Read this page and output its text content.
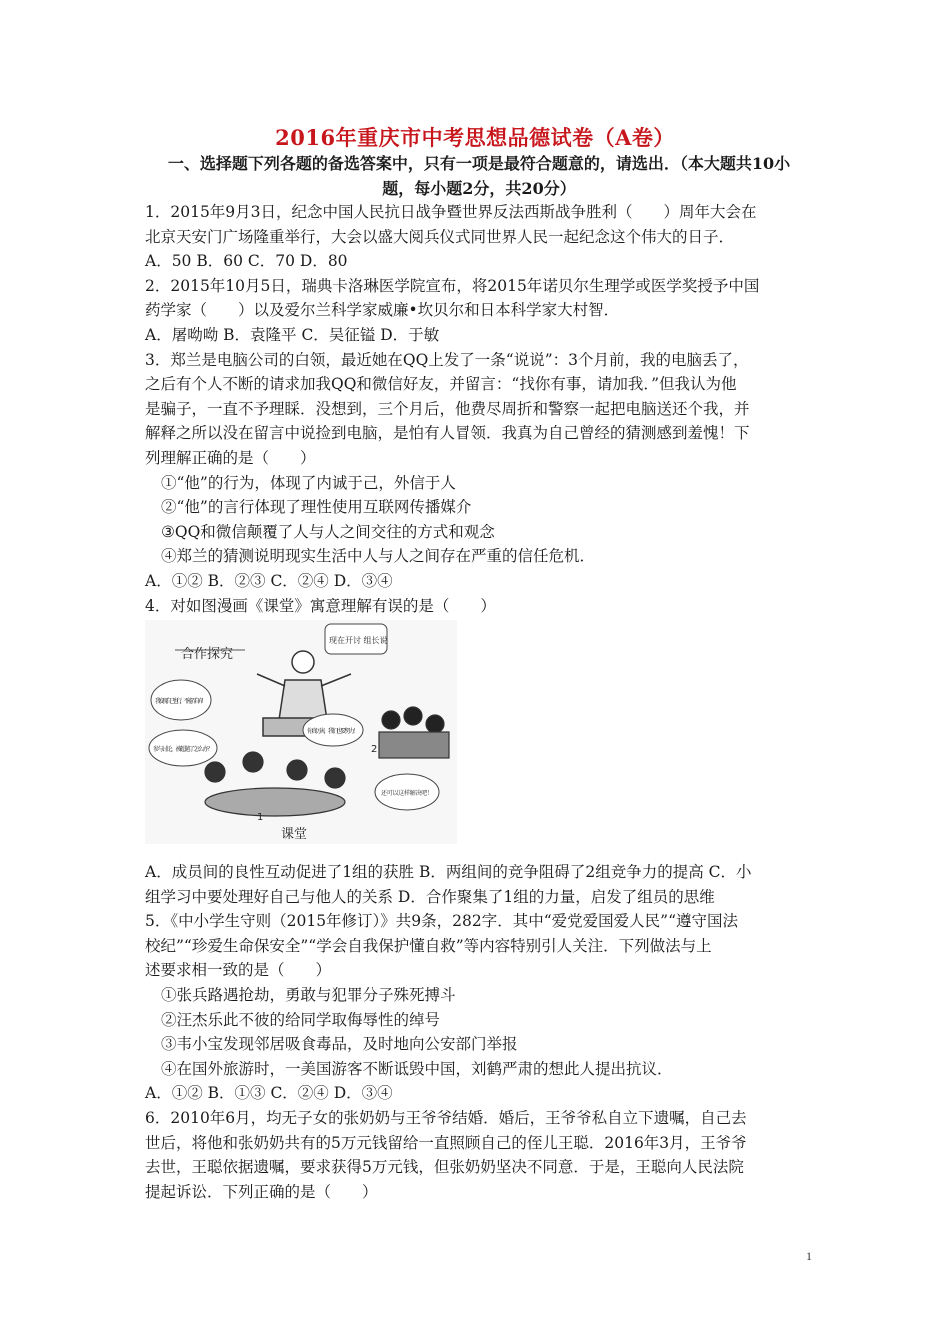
2016年重庆市中考思想品德试卷（A卷）
一、选择题下列各题的备选答案中，只有一项是最符合题意的，请选出．（本大题共10小
题，每小题2分，共20分）
1．2015年9月3日，纪念中国人民抗日战争暨世界反法西斯战争胜利（　　）周年大会在
北京天安门广场隆重举行，大会以盛大阅兵仪式同世界人民一起纪念这个伟大的日子．
A．50 B．60 C．70 D．80
2．2015年10月5日，瑞典卡洛琳医学院宣布，将2015年诺贝尔生理学或医学奖授予中国
药学家（　　）以及爱尔兰科学家威廉•坎贝尔和日本科学家大村智．
A．屠呦呦 B．袁隆平 C．吴征镒 D．于敏
3．郑兰是电脑公司的白领，最近她在QQ上发了一条“说说”：3个月前，我的电脑丢了，
之后有个人不断的请求加我QQ和微信好友，并留言：“找你有事，请加我．”但我认为他
是骗子，一直不予理睬．没想到，三个月后，他费尽周折和警察一起把电脑送还个我，并
解释之所以没在留言中说捡到电脑，是怕有人冒领．我真为自己曾经的猜测感到羞愧！下
列理解正确的是（　　）
①“他”的行为，体现了内诚于己，外信于人
②“他”的言行体现了理性使用互联网传播媒介
③QQ和微信颠覆了人与人之间交往的方式和观念
④郑兰的猜测说明现实生活中人与人之间存在严重的信任危机．
A．①② B．②③ C．②④ D．③④
4．对如图漫画《课堂》寓意理解有误的是（　　）
合作探究
现在开讨 组长说
我发现自己也行，不能弄自弃！
参与讨论，被超越了怎么办？
你真厉害，我们也要努力！
还可以这样解决吧！
2
1
课堂
A．成员间的良性互动促进了1组的获胜 B．两组间的竞争阻碍了2组竞争力的提高 C．小
组学习中要处理好自己与他人的关系 D．合作聚集了1组的力量，启发了组员的思维
5．《中小学生守则（2015年修订）》共9条，282字．其中“爱党爱国爱人民”“遵守国法
校纪”“珍爱生命保安全”“学会自我保护懂自救”等内容特别引人关注．下列做法与上
述要求相一致的是（　　）
①张兵路遇抢劫，勇敢与犯罪分子殊死搏斗
②汪杰乐此不彼的给同学取侮辱性的绰号
③韦小宝发现邻居吸食毒品，及时地向公安部门举报
④在国外旅游时，一美国游客不断诋毁中国，刘鹤严肃的想此人提出抗议．
A．①② B．①③ C．②④ D．③④
6．2010年6月，均无子女的张奶奶与王爷爷结婚．婚后，王爷爷私自立下遗嘱，自己去
世后，将他和张奶奶共有的5万元钱留给一直照顾自己的侄儿王聪．2016年3月，王爷爷
去世，王聪依据遗嘱，要求获得5万元钱，但张奶奶坚决不同意．于是，王聪向人民法院
提起诉讼．下列正确的是（　　）
1
